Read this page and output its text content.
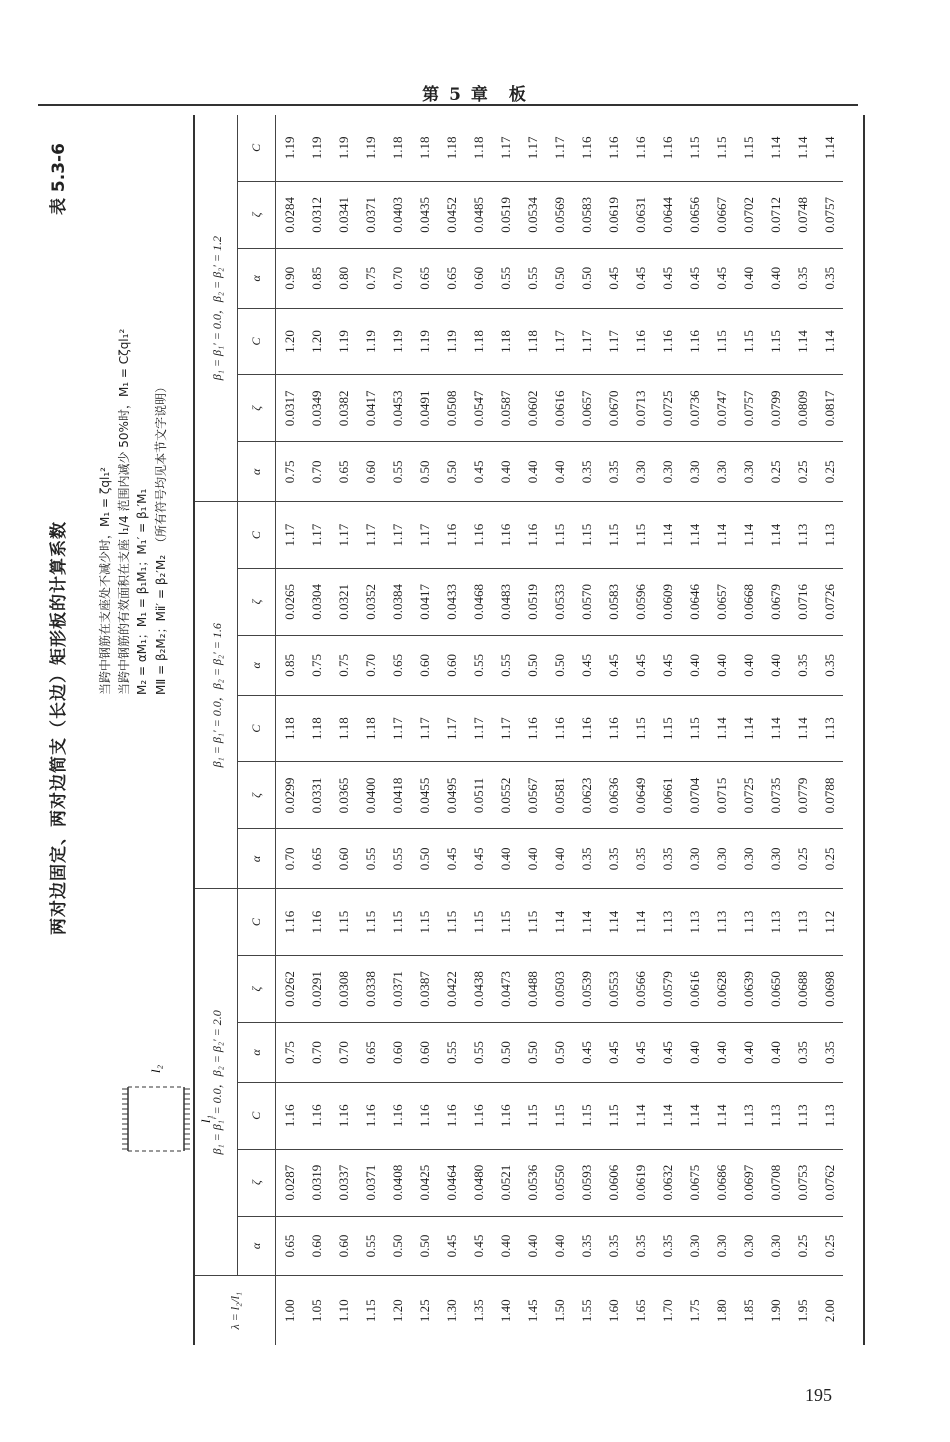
第 5 章　板
两对边固定、两对边简支（长边）矩形板的计算系数
表 5.3-6
l₁
l₂
当跨中钢筋在支座处不减少时，M₁ = ζql₁² 当跨中钢筋的有效面积在支座 l₁/4 范围内减少 50%时，M₁ = Cζql₁² M₂ = αM₁；M₁ = β₁M₁；M₁′ = β₁′M₁ MⅡ = β₂M₂；Mⅱ′ = β₂′M₂　（所有符号均见本节文字说明）
λ = l₂/l₁	β₁ = β₁′ = 0.0，β₂ = β₂′ = 2.0						β₁ = β₁′ = 0.0，β₂ = β₂′ = 1.6						β₁ = β₁′ = 0.0，β₂ = β₂′ = 1.2					
	α	ζ	C	α	ζ	C	α	ζ	C	α	ζ	C	α	ζ	C	α	ζ	C
1.00	0.65	0.0287	1.16	0.75	0.0262	1.16	0.70	0.0299	1.18	0.85	0.0265	1.17	0.75	0.0317	1.20	0.90	0.0284	1.19
1.05	0.60	0.0319	1.16	0.70	0.0291	1.16	0.65	0.0331	1.18	0.75	0.0304	1.17	0.70	0.0349	1.20	0.85	0.0312	1.19
1.10	0.60	0.0337	1.16	0.70	0.0308	1.15	0.60	0.0365	1.18	0.75	0.0321	1.17	0.65	0.0382	1.19	0.80	0.0341	1.19
1.15	0.55	0.0371	1.16	0.65	0.0338	1.15	0.55	0.0400	1.18	0.70	0.0352	1.17	0.60	0.0417	1.19	0.75	0.0371	1.19
1.20	0.50	0.0408	1.16	0.60	0.0371	1.15	0.55	0.0418	1.17	0.65	0.0384	1.17	0.55	0.0453	1.19	0.70	0.0403	1.18
1.25	0.50	0.0425	1.16	0.60	0.0387	1.15	0.50	0.0455	1.17	0.60	0.0417	1.17	0.50	0.0491	1.19	0.65	0.0435	1.18
1.30	0.45	0.0464	1.16	0.55	0.0422	1.15	0.45	0.0495	1.17	0.60	0.0433	1.16	0.50	0.0508	1.19	0.65	0.0452	1.18
1.35	0.45	0.0480	1.16	0.55	0.0438	1.15	0.45	0.0511	1.17	0.55	0.0468	1.16	0.45	0.0547	1.18	0.60	0.0485	1.18
1.40	0.40	0.0521	1.16	0.50	0.0473	1.15	0.40	0.0552	1.17	0.55	0.0483	1.16	0.40	0.0587	1.18	0.55	0.0519	1.17
1.45	0.40	0.0536	1.15	0.50	0.0488	1.15	0.40	0.0567	1.16	0.50	0.0519	1.16	0.40	0.0602	1.18	0.55	0.0534	1.17
1.50	0.40	0.0550	1.15	0.50	0.0503	1.14	0.40	0.0581	1.16	0.50	0.0533	1.15	0.40	0.0616	1.17	0.50	0.0569	1.17
1.55	0.35	0.0593	1.15	0.45	0.0539	1.14	0.35	0.0623	1.16	0.45	0.0570	1.15	0.35	0.0657	1.17	0.50	0.0583	1.16
1.60	0.35	0.0606	1.15	0.45	0.0553	1.14	0.35	0.0636	1.16	0.45	0.0583	1.15	0.35	0.0670	1.17	0.45	0.0619	1.16
1.65	0.35	0.0619	1.14	0.45	0.0566	1.14	0.35	0.0649	1.15	0.45	0.0596	1.15	0.30	0.0713	1.16	0.45	0.0631	1.16
1.70	0.35	0.0632	1.14	0.45	0.0579	1.13	0.35	0.0661	1.15	0.45	0.0609	1.14	0.30	0.0725	1.16	0.45	0.0644	1.16
1.75	0.30	0.0675	1.14	0.40	0.0616	1.13	0.30	0.0704	1.15	0.40	0.0646	1.14	0.30	0.0736	1.16	0.45	0.0656	1.15
1.80	0.30	0.0686	1.14	0.40	0.0628	1.13	0.30	0.0715	1.14	0.40	0.0657	1.14	0.30	0.0747	1.15	0.45	0.0667	1.15
1.85	0.30	0.0697	1.13	0.40	0.0639	1.13	0.30	0.0725	1.14	0.40	0.0668	1.14	0.30	0.0757	1.15	0.40	0.0702	1.15
1.90	0.30	0.0708	1.13	0.40	0.0650	1.13	0.30	0.0735	1.14	0.40	0.0679	1.14	0.25	0.0799	1.15	0.40	0.0712	1.14
1.95	0.25	0.0753	1.13	0.35	0.0688	1.13	0.25	0.0779	1.14	0.35	0.0716	1.13	0.25	0.0809	1.14	0.35	0.0748	1.14
2.00	0.25	0.0762	1.13	0.35	0.0698	1.12	0.25	0.0788	1.13	0.35	0.0726	1.13	0.25	0.0817	1.14	0.35	0.0757	1.14
195
